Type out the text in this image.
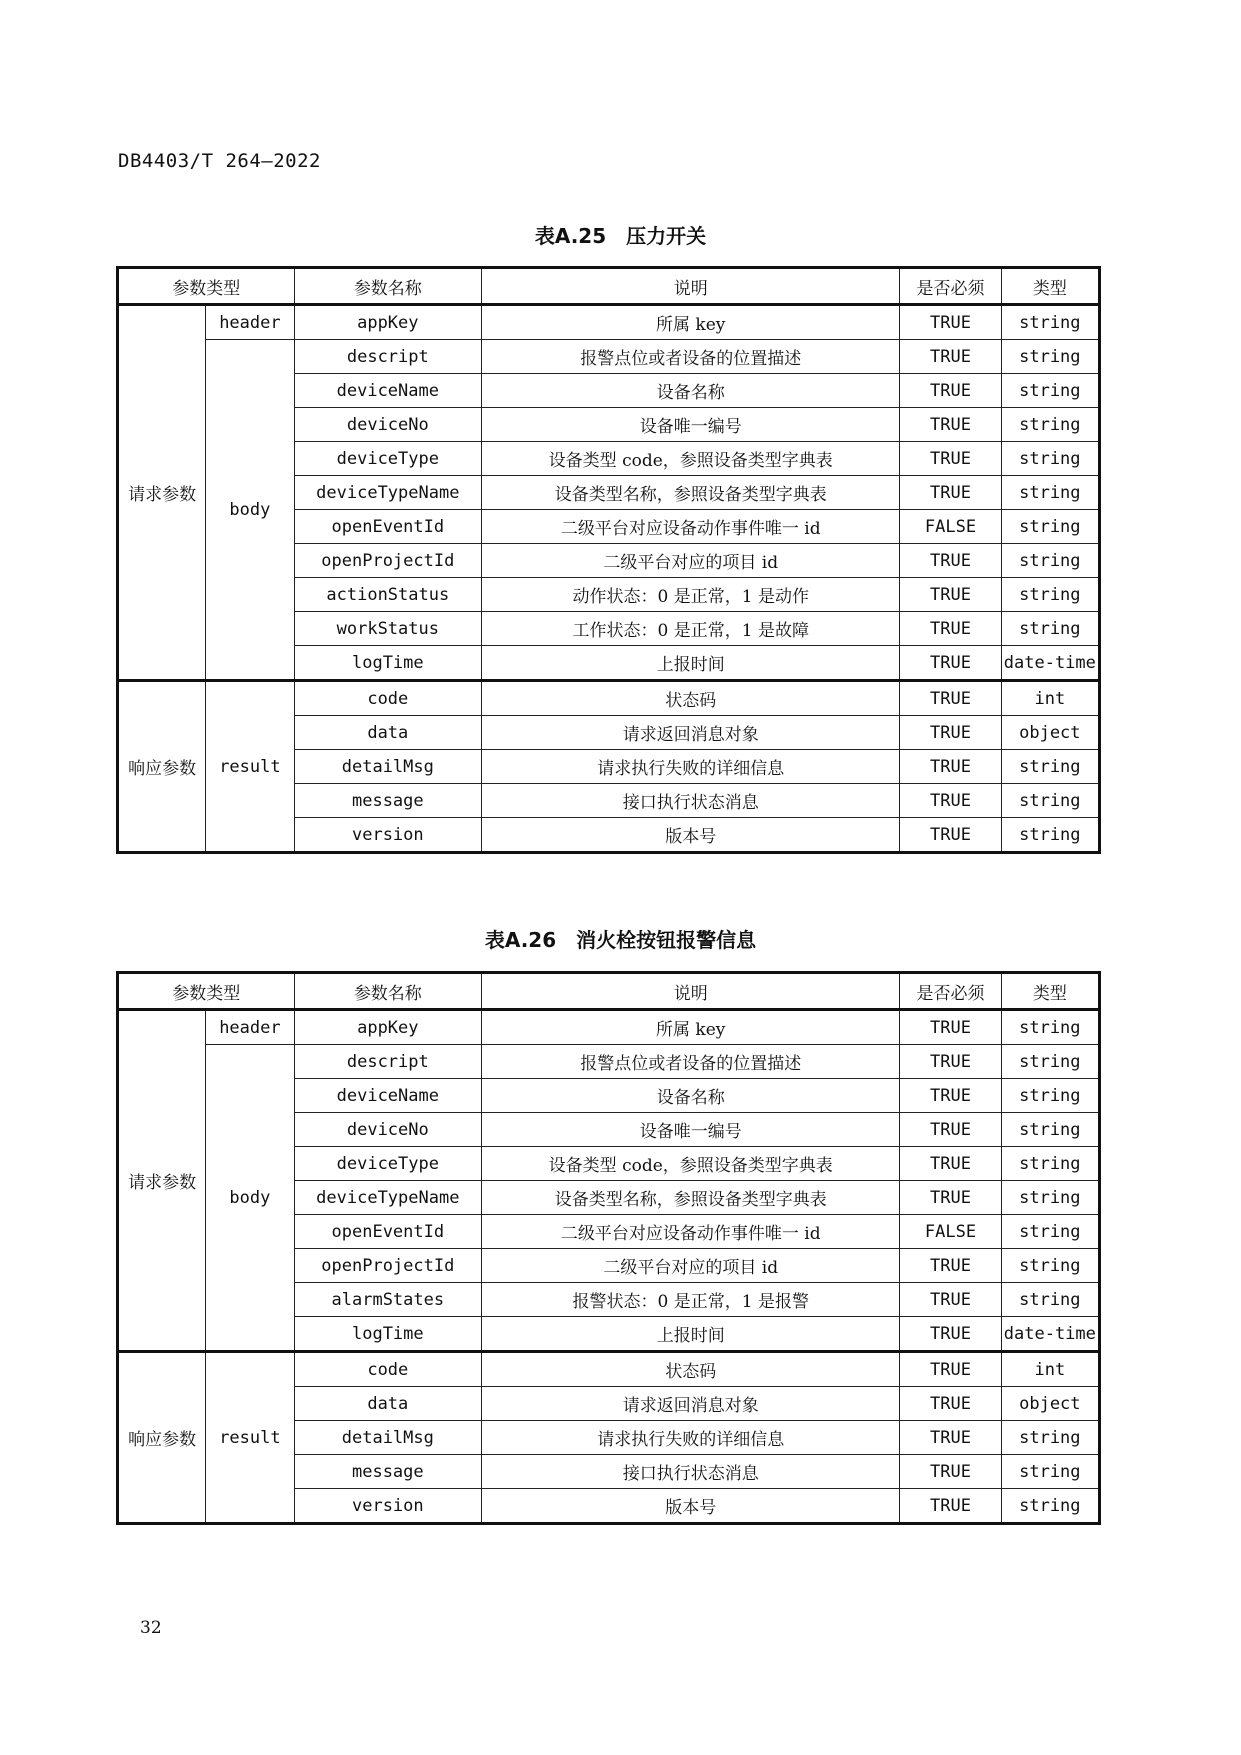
DB4403/T 264—2022
表A.25　压力开关
参数类型		参数名称	说明	是否必须	类型
请求参数	header	appKey	所属 key	TRUE	string
	body	descript	报警点位或者设备的位置描述	TRUE	string
		deviceName	设备名称	TRUE	string
		deviceNo	设备唯一编号	TRUE	string
		deviceType	设备类型 code，参照设备类型字典表	TRUE	string
		deviceTypeName	设备类型名称，参照设备类型字典表	TRUE	string
		openEventId	二级平台对应设备动作事件唯一 id	FALSE	string
		openProjectId	二级平台对应的项目 id	TRUE	string
		actionStatus	动作状态：0 是正常，1 是动作	TRUE	string
		workStatus	工作状态：0 是正常，1 是故障	TRUE	string
		logTime	上报时间	TRUE	date-time
响应参数	result	code	状态码	TRUE	int
		data	请求返回消息对象	TRUE	object
		detailMsg	请求执行失败的详细信息	TRUE	string
		message	接口执行状态消息	TRUE	string
		version	版本号	TRUE	string
表A.26　消火栓按钮报警信息
参数类型		参数名称	说明	是否必须	类型
请求参数	header	appKey	所属 key	TRUE	string
	body	descript	报警点位或者设备的位置描述	TRUE	string
		deviceName	设备名称	TRUE	string
		deviceNo	设备唯一编号	TRUE	string
		deviceType	设备类型 code，参照设备类型字典表	TRUE	string
		deviceTypeName	设备类型名称，参照设备类型字典表	TRUE	string
		openEventId	二级平台对应设备动作事件唯一 id	FALSE	string
		openProjectId	二级平台对应的项目 id	TRUE	string
		alarmStates	报警状态：0 是正常，1 是报警	TRUE	string
		logTime	上报时间	TRUE	date-time
响应参数	result	code	状态码	TRUE	int
		data	请求返回消息对象	TRUE	object
		detailMsg	请求执行失败的详细信息	TRUE	string
		message	接口执行状态消息	TRUE	string
		version	版本号	TRUE	string
32
